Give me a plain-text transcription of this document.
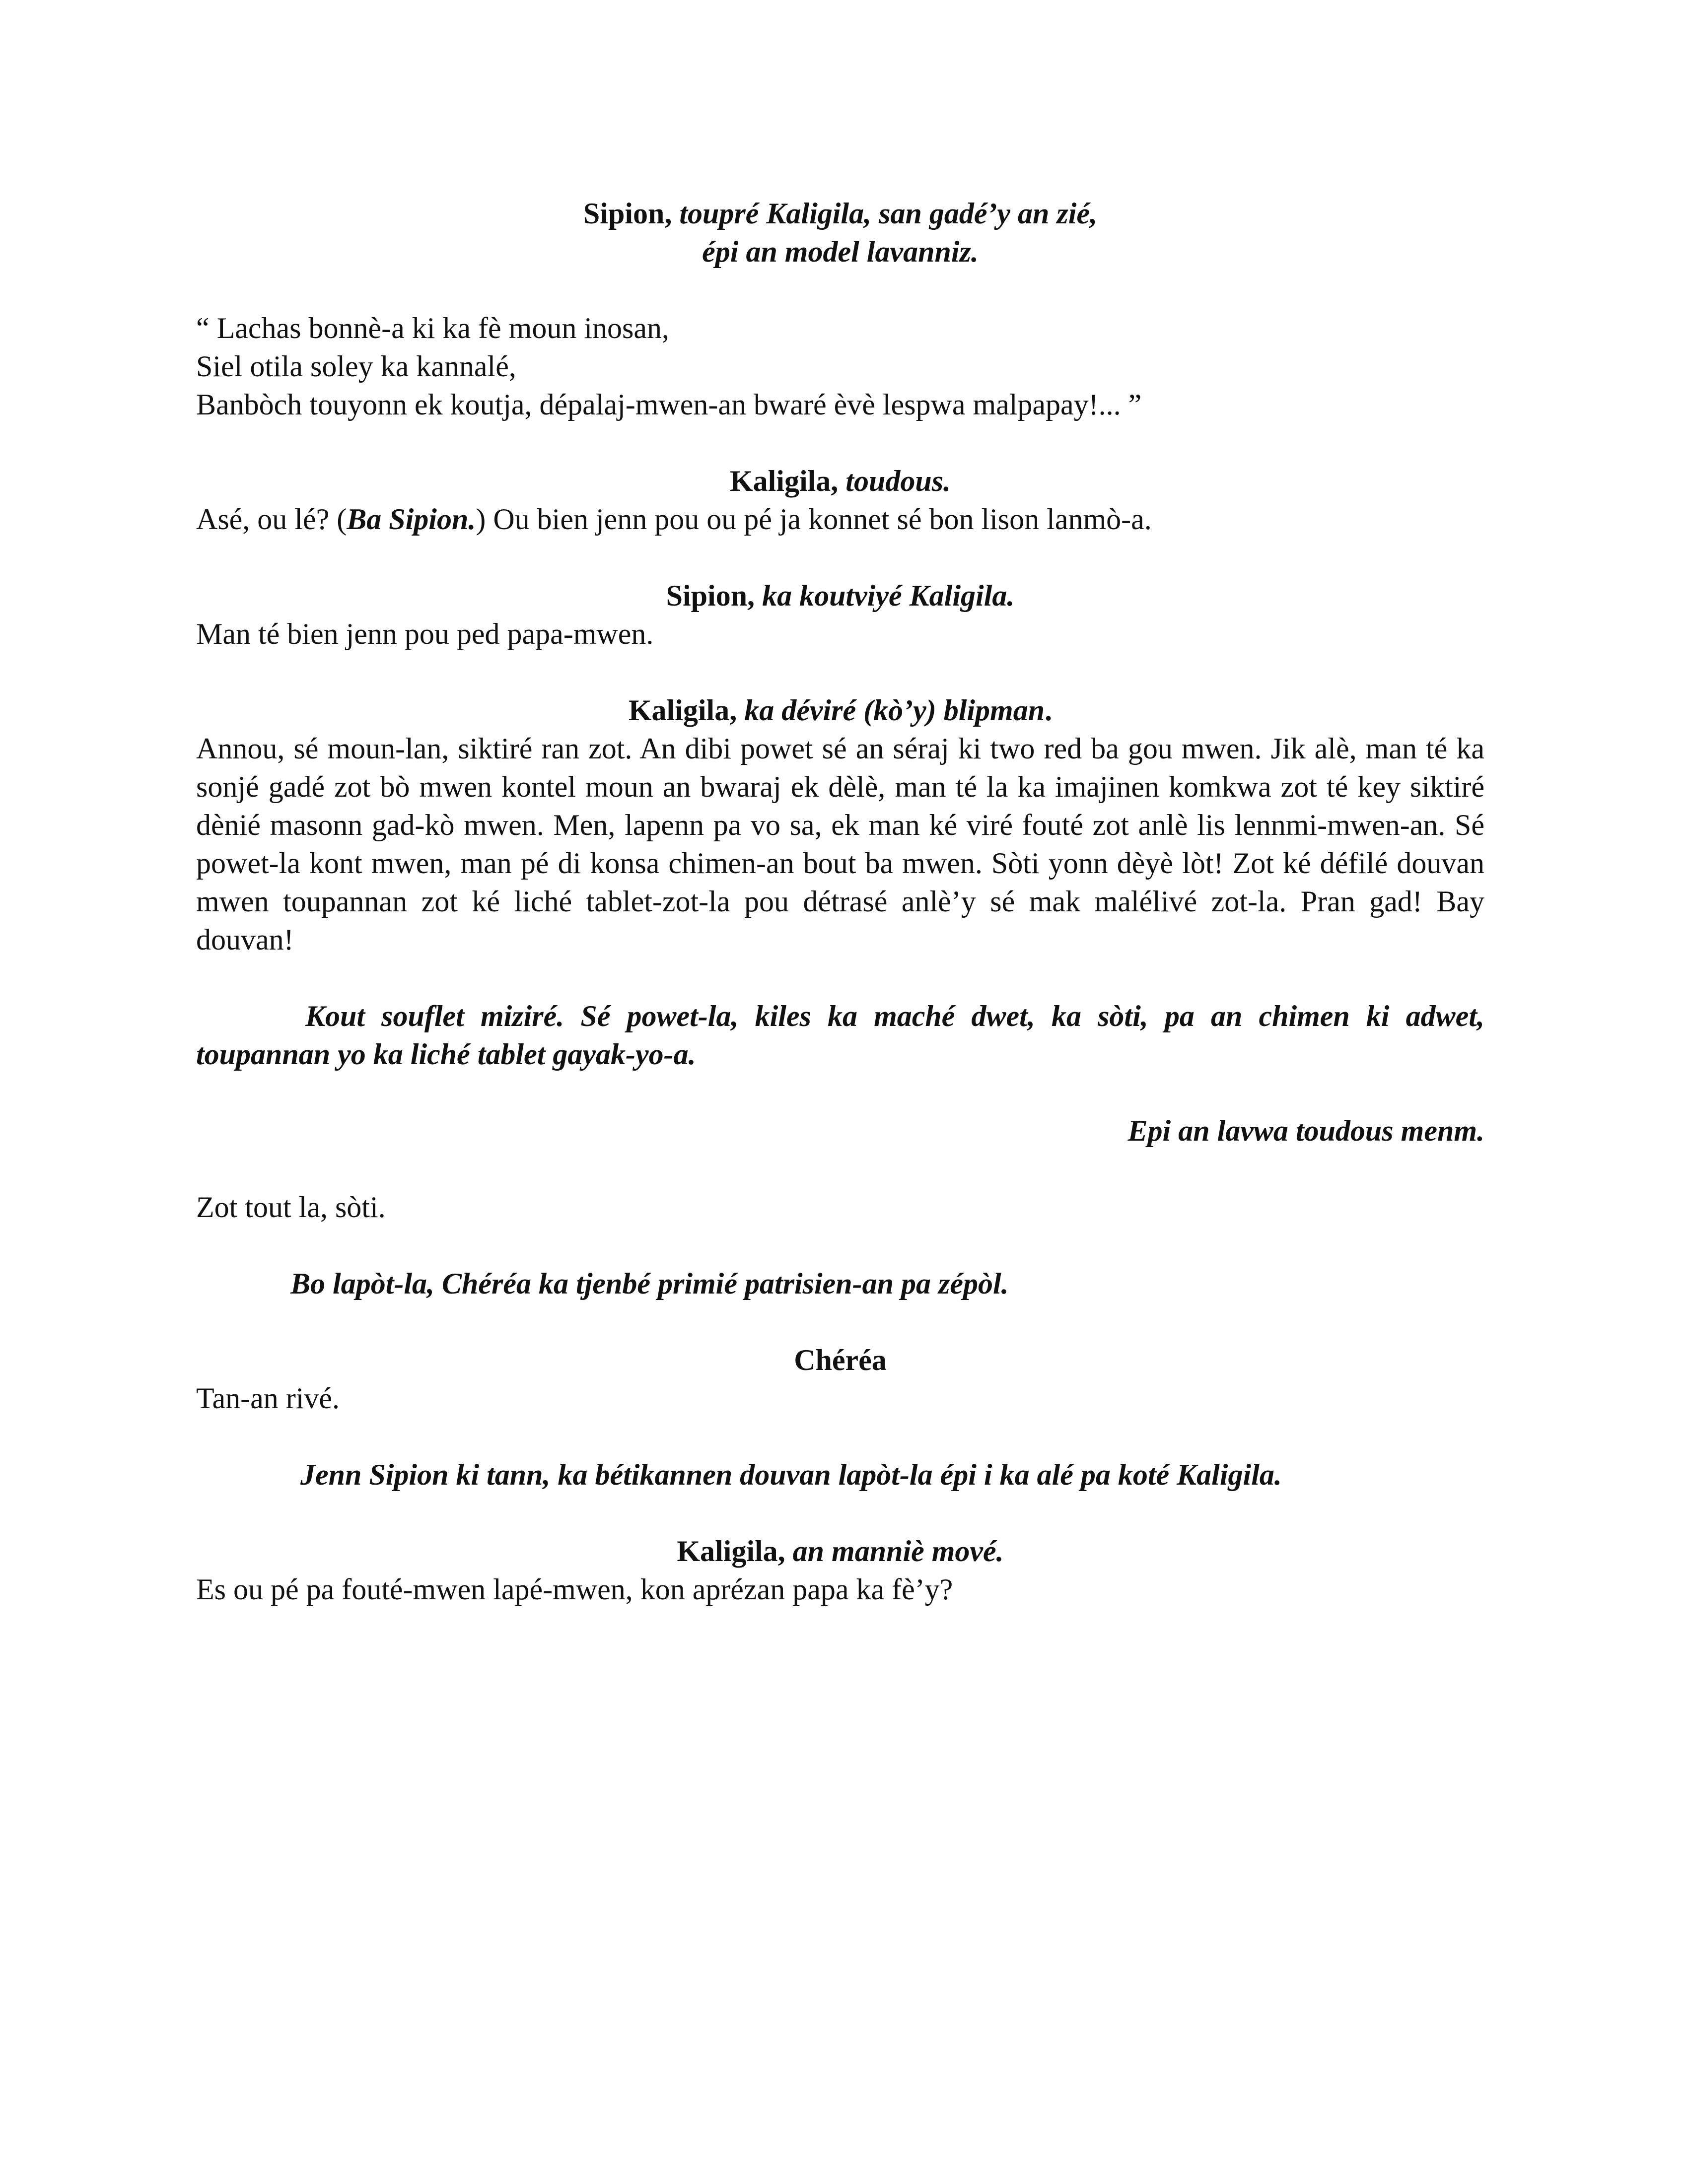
Sipion, toupré Kaligila, san gadé’y an zié,
épi an model lavanniz.
“ Lachas bonnè-a ki ka fè moun inosan,
Siel otila soley ka kannalé,
Banbòch touyonn ek koutja, dépalaj-mwen-an bwaré èvè lespwa malpapay!... ”
Kaligila, toudous.
Asé, ou lé? (Ba Sipion.) Ou bien jenn pou ou pé ja konnet sé bon lison lanmò-a.
Sipion, ka koutviyé Kaligila.
Man té bien jenn pou ped papa-mwen.
Kaligila, ka déviré (kò’y) blipman.
Annou, sé moun-lan, siktiré ran zot. An dibi powet sé an séraj ki two red ba gou mwen. Jik alè, man té ka sonjé gadé zot bò mwen kontel moun an bwaraj ek dèlè, man té la ka imajinen komkwa zot té key siktiré dènié masonn gad-kò mwen. Men, lapenn pa vo sa, ek man ké viré fouté zot anlè lis lennmi-mwen-an. Sé powet-la kont mwen, man pé di konsa chimen-an bout ba mwen. Sòti yonn dèyè lòt! Zot ké défilé douvan mwen toupannan zot ké liché tablet-zot-la pou détrasé anlè’y sé mak malélivé zot-la. Pran gad! Bay douvan!
Kout souflet miziré. Sé powet-la, kiles ka maché dwet, ka sòti, pa an chimen ki adwet, toupannan yo ka liché tablet gayak-yo-a.
Epi an lavwa toudous menm.
Zot tout la, sòti.
Bo lapòt-la, Chéréa ka tjenbé primié patrisien-an pa zépòl.
Chéréa
Tan-an rivé.
Jenn Sipion ki tann, ka bétikannen douvan lapòt-la épi i ka alé pa koté Kaligila.
Kaligila, an manniè mové.
Es ou pé pa fouté-mwen lapé-mwen, kon aprézan papa ka fè’y?
